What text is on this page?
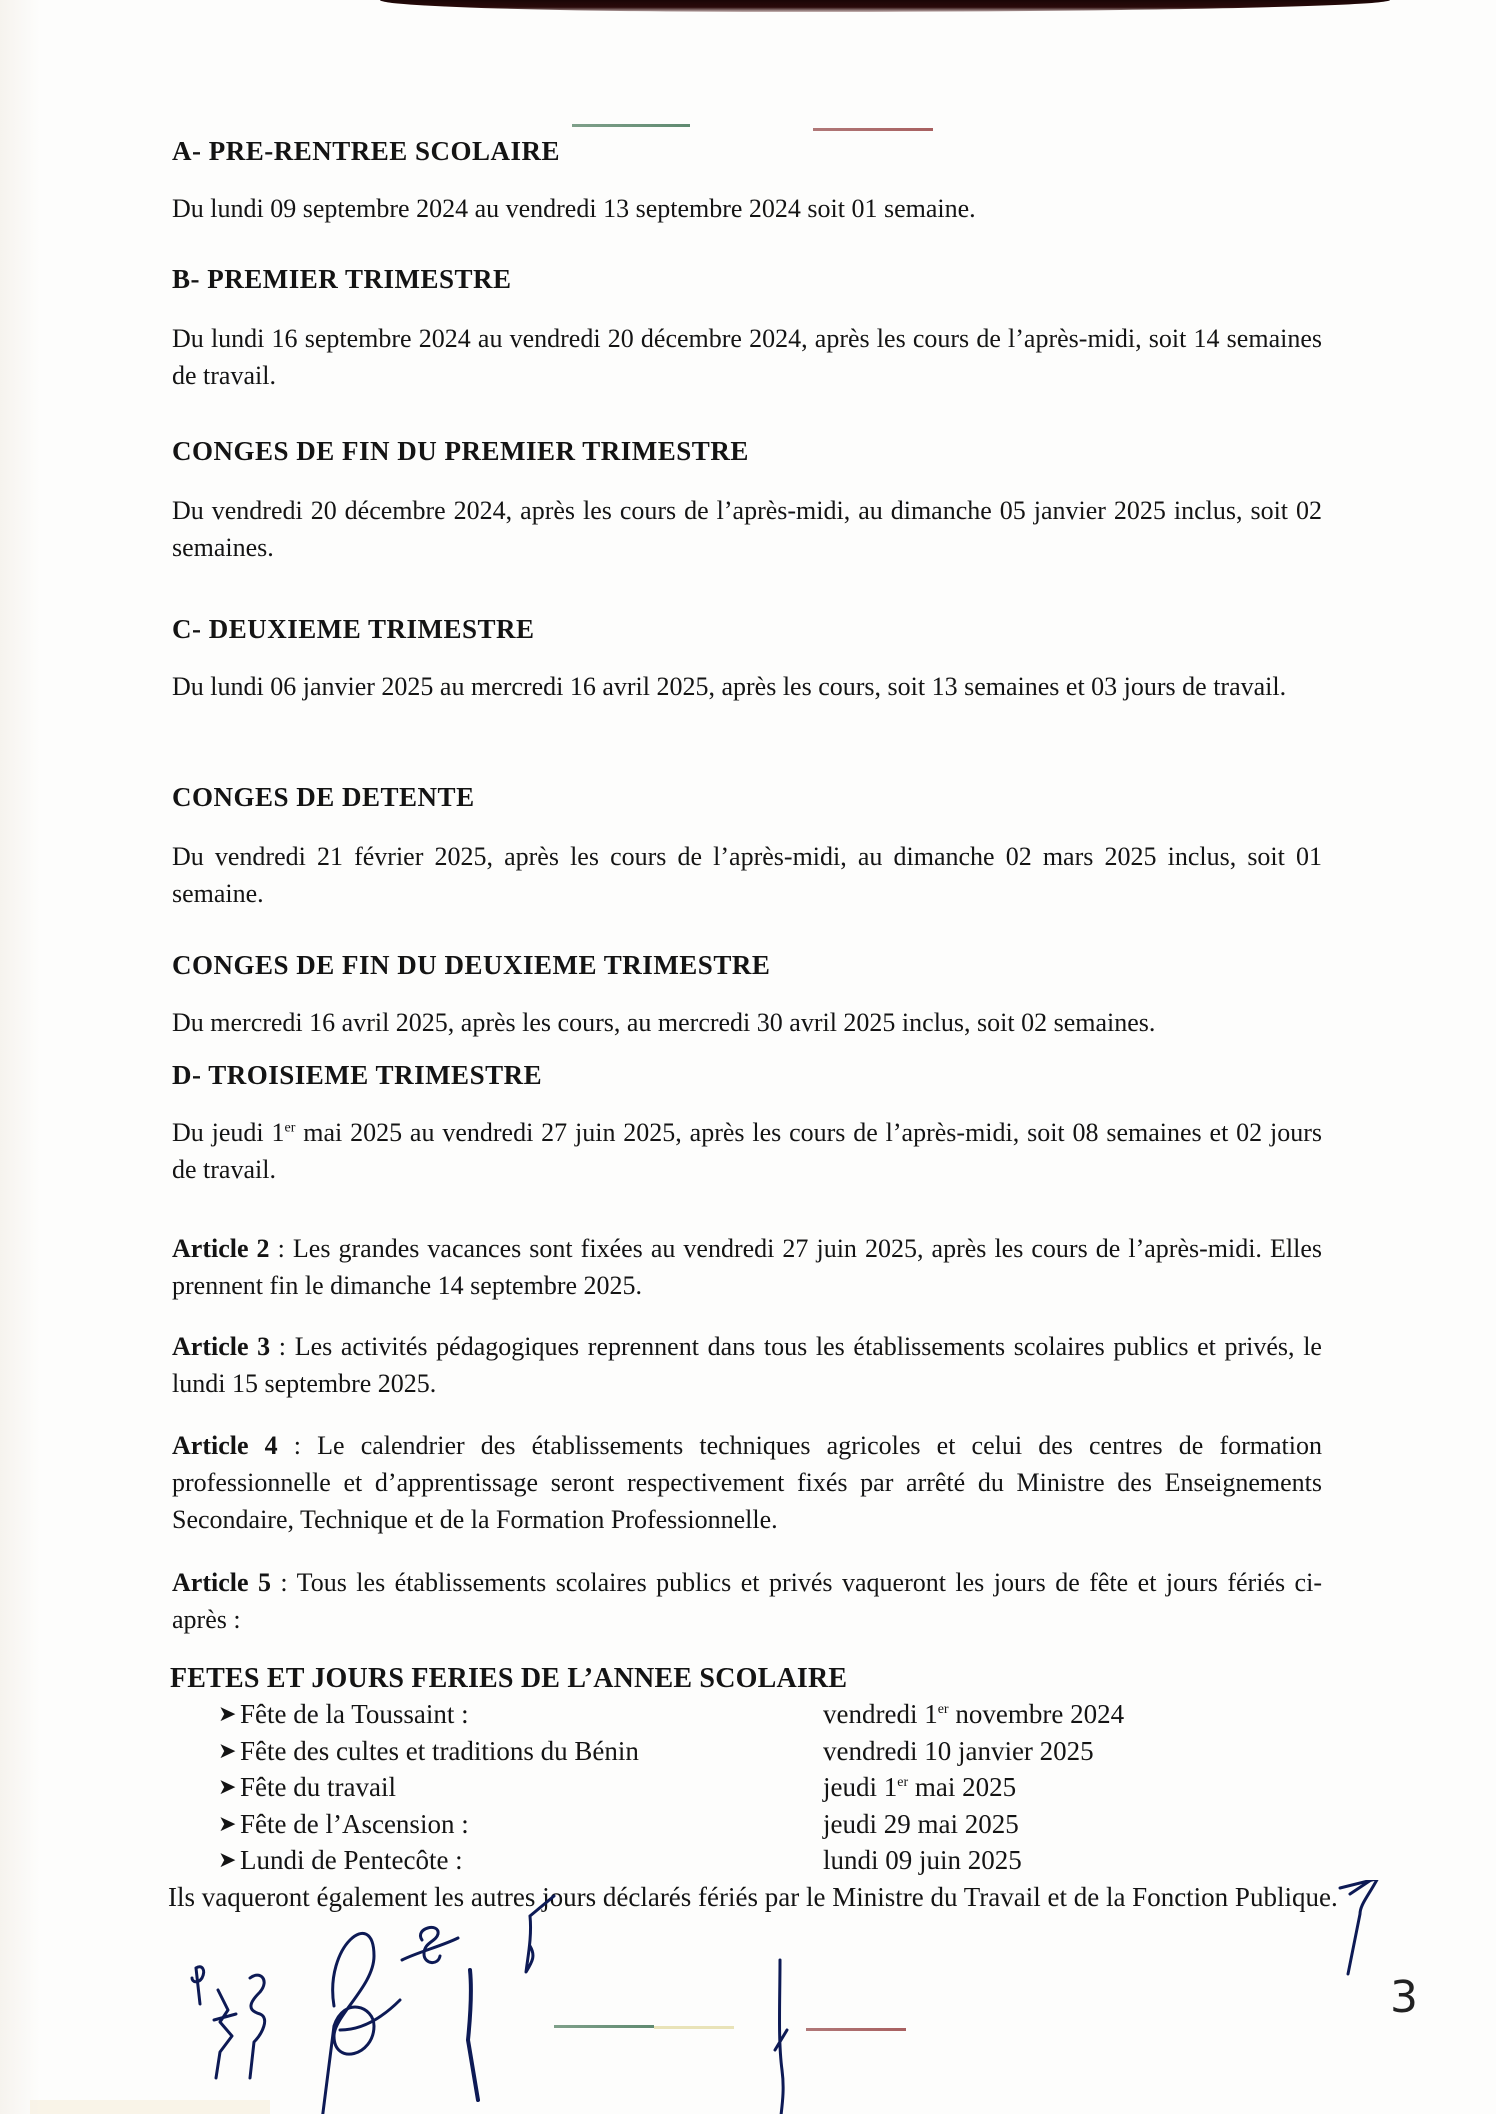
A- PRE-RENTREE SCOLAIRE

Du lundi 09 septembre 2024 au vendredi 13 septembre 2024 soit 01 semaine.

B- PREMIER TRIMESTRE

Du lundi 16 septembre 2024 au vendredi 20 décembre 2024, après les cours de l’après-midi, soit 14 semaines de travail.

CONGES DE FIN DU PREMIER TRIMESTRE

Du vendredi 20 décembre 2024, après les cours de l’après-midi, au dimanche 05 janvier 2025 inclus, soit 02 semaines.

C- DEUXIEME TRIMESTRE

Du lundi 06 janvier 2025 au mercredi 16 avril 2025, après les cours, soit 13 semaines et 03 jours de travail.

CONGES DE DETENTE

Du vendredi 21 février 2025, après les cours de l’après-midi, au dimanche 02 mars 2025 inclus, soit 01 semaine.

CONGES DE FIN DU DEUXIEME TRIMESTRE

Du mercredi 16 avril 2025, après les cours, au mercredi 30 avril 2025 inclus, soit 02 semaines.

D- TROISIEME TRIMESTRE

Du jeudi 1er mai 2025 au vendredi 27 juin 2025, après les cours de l’après-midi, soit 08 semaines et 02 jours de travail.

Article 2 : Les grandes vacances sont fixées au vendredi 27 juin 2025, après les cours de l’après-midi. Elles prennent fin le dimanche 14 septembre 2025.

Article 3 : Les activités pédagogiques reprennent dans tous les établissements scolaires publics et privés, le lundi 15 septembre 2025.

Article 4 : Le calendrier des établissements techniques agricoles et celui des centres de formation professionnelle et d’apprentissage seront respectivement fixés par arrêté du Ministre des Enseignements Secondaire, Technique et de la Formation Professionnelle.

Article 5 : Tous les établissements scolaires publics et privés vaqueront les jours de fête et jours fériés ci-après :

FETES ET JOURS FERIES DE L’ANNEE SCOLAIRE
➤ Fête de la Toussaint :	vendredi 1er novembre 2024
➤ Fête des cultes et traditions du Bénin	vendredi 10 janvier 2025
➤ Fête du travail	jeudi 1er mai 2025
➤ Fête de l’Ascension :	jeudi 29 mai 2025
➤ Lundi de Pentecôte :	lundi 09 juin 2025

Ils vaqueront également les autres jours déclarés fériés par le Ministre du Travail et de la Fonction Publique.

3
